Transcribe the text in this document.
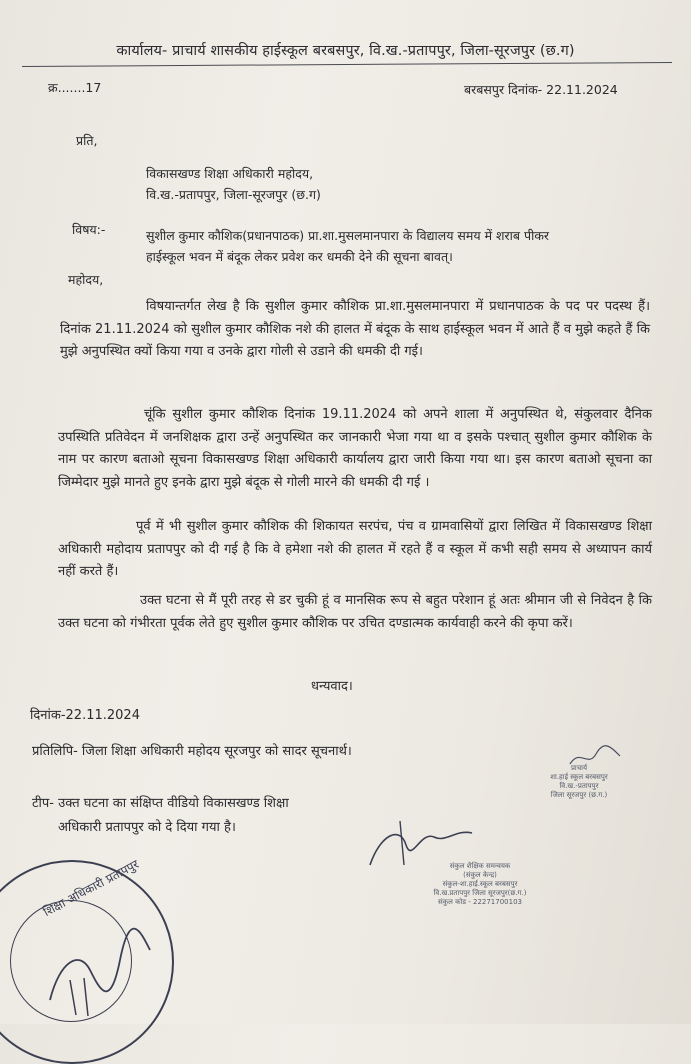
कार्यालय- प्राचार्य शासकीय हाईस्कूल बरबसपुर, वि.ख.-प्रतापपुर, जिला-सूरजपुर (छ.ग)
क्र.......17	बरबसपुर दिनांक- 22.11.2024
प्रति,
विकासखण्ड शिक्षा अधिकारी महोदय,
वि.ख.-प्रतापपुर, जिला-सूरजपुर (छ.ग)
विषय:-	सुशील कुमार कौशिक(प्रधानपाठक) प्रा.शा.मुसलमानपारा के विद्यालय समय में शराब पीकर
हाईस्कूल भवन में बंदूक लेकर प्रवेश कर धमकी देने की सूचना बावत्।
महोदय,

विषयान्तर्गत लेख है कि सुशील कुमार कौशिक प्रा.शा.मुसलमानपारा में प्रधानपाठक के पद पर पदस्थ हैं। दिनांक 21.11.2024 को सुशील कुमार कौशिक नशे की हालत में बंदूक के साथ हाईस्कूल भवन में आते हैं व मुझे कहते हैं कि मुझे अनुपस्थित क्यों किया गया व उनके द्वारा गोली से उडाने की धमकी दी गई।

चूंकि सुशील कुमार कौशिक दिनांक 19.11.2024 को अपने शाला में अनुपस्थित थे, संकुलवार दैनिक उपस्थिति प्रतिवेदन में जनशिक्षक द्वारा उन्हें अनुपस्थित कर जानकारी भेजा गया था व इसके पश्चात् सुशील कुमार कौशिक के नाम पर कारण बताओ सूचना विकासखण्ड शिक्षा अधिकारी कार्यालय द्वारा जारी किया गया था। इस कारण बताओ सूचना का जिम्मेदार मुझे मानते हुए इनके द्वारा मुझे बंदूक से गोली मारने की धमकी दी गई ।

पूर्व में भी सुशील कुमार कौशिक की शिकायत सरपंच, पंच व ग्रामवासियों द्वारा लिखित में विकासखण्ड शिक्षा अधिकारी महोदाय प्रतापपुर को दी गई है कि वे हमेशा नशे की हालत में रहते हैं व स्कूल में कभी सही समय से अध्यापन कार्य नहीं करते हैं।

उक्त घटना से मैं पूरी तरह से डर चुकी हूं व मानसिक रूप से बहुत परेशान हूं अतः श्रीमान जी से निवेदन है कि उक्त घटना को गंभीरता पूर्वक लेते हुए सुशील कुमार कौशिक पर उचित दण्डात्मक कार्यवाही करने की कृपा करें।

धन्यवाद।
दिनांक-22.11.2024
प्रतिलिपि- जिला शिक्षा अधिकारी महोदय सूरजपुर को सादर सूचनार्थ।
टीप- उक्त घटना का संक्षिप्त वीडियो विकासखण्ड शिक्षा
अधिकारी प्रतापपुर को दे दिया गया है।
प्राचार्य
शा.हाई स्कूल बरबसपुर
वि.ख.-प्रतापपुर
जिला सूरजपुर (छ.ग.)
संकुल शैक्षिक समन्वयक
(संकुल केन्द्र)
संकुल-शा.हाई.स्कूल बरबसपुर
वि.ख.प्रतापपुर जिला सूरजपुर(छ.ग.)
संकुल कोड - 22271700103
शिक्षा अधिकारी प्रतापपुर
